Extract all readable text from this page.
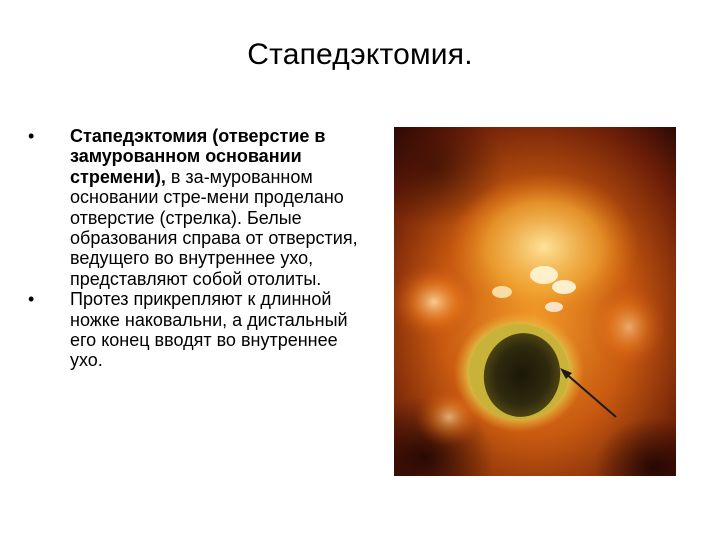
Стапедэктомия.
•	Стапедэктомия (отверстие в замурованном основании стремени), в за-мурованном основании стре-мени проделано отверстие (стрелка). Белые образования справа от отверстия, ведущего во внутреннее ухо, представляют собой отолиты.
•	Протез прикрепляют к длинной ножке наковальни, а дистальный его конец вводят во внутреннее ухо.
